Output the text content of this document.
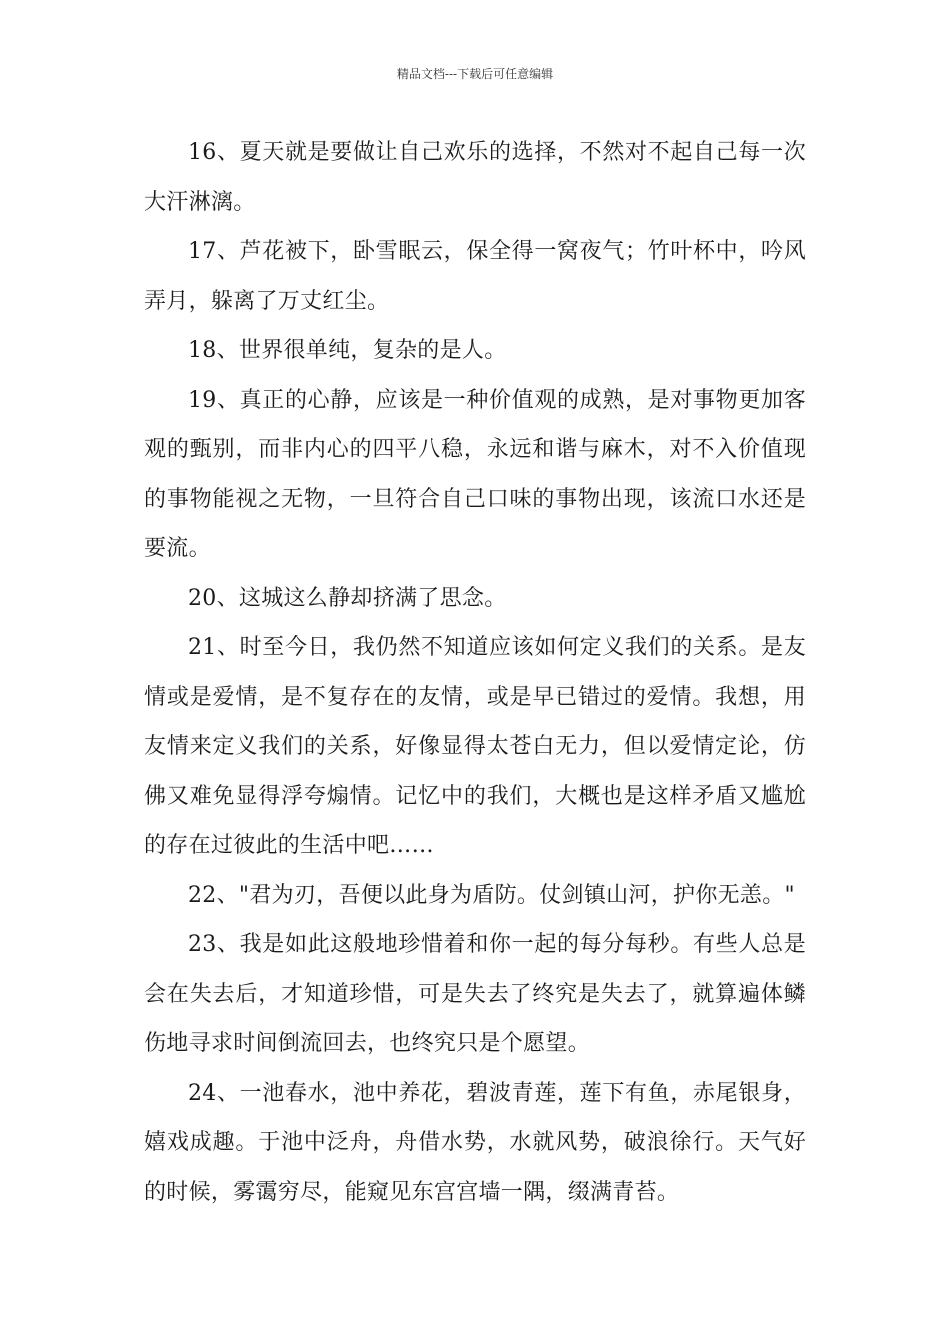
精品文档---下载后可任意编辑

16、夏天就是要做让自己欢乐的选择，不然对不起自己每一次大汗淋漓。

17、芦花被下，卧雪眠云，保全得一窝夜气；竹叶杯中，吟风弄月，躲离了万丈红尘。

18、世界很单纯，复杂的是人。

19、真正的心静，应该是一种价值观的成熟，是对事物更加客观的甄别，而非内心的四平八稳，永远和谐与麻木，对不入价值现的事物能视之无物，一旦符合自己口味的事物出现，该流口水还是要流。

20、这城这么静却挤满了思念。

21、时至今日，我仍然不知道应该如何定义我们的关系。是友情或是爱情，是不复存在的友情，或是早已错过的爱情。我想，用友情来定义我们的关系，好像显得太苍白无力，但以爱情定论，仿佛又难免显得浮夸煽情。记忆中的我们，大概也是这样矛盾又尴尬的存在过彼此的生活中吧……

22、"君为刃，吾便以此身为盾防。仗剑镇山河，护你无恙。"

23、我是如此这般地珍惜着和你一起的每分每秒。有些人总是会在失去后，才知道珍惜，可是失去了终究是失去了，就算遍体鳞伤地寻求时间倒流回去，也终究只是个愿望。

24、一池春水，池中养花，碧波青莲，莲下有鱼，赤尾银身，嬉戏成趣。于池中泛舟，舟借水势，水就风势，破浪徐行。天气好的时候，雾霭穷尽，能窥见东宫宫墙一隅，缀满青苔。
